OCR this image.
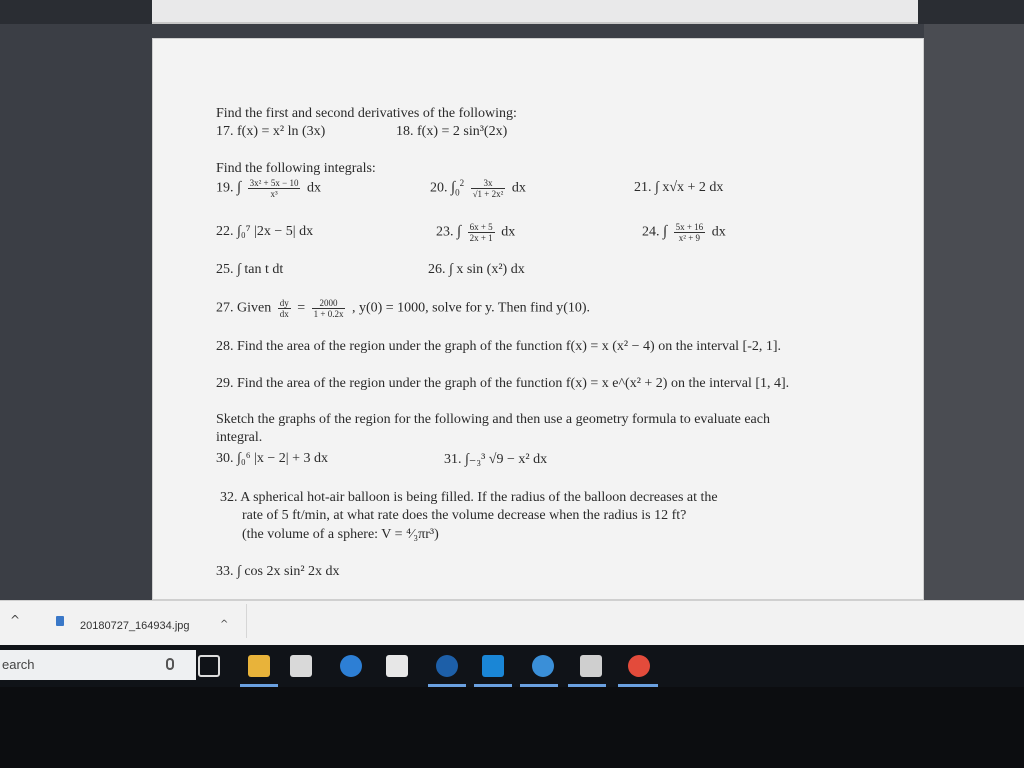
Find the first and second derivatives of the following:
17. f(x) = x² ln (3x)	18. f(x) = 2 sin³(2x)
Find the following integrals:
19. ∫ $\frac{\text{3x² + 5x − 10}}{\text{x³}}$ dx	20. $\int_0^2 \frac{3x}{\text{√1 + 2x²}}$ dx	21. ∫ x√x + 2 dx
22. ∫₀⁷ |2x − 5| dx	23. ∫ $\frac{6x + 5}{2x + 1}$ dx	24. ∫ $\frac{5x + 16}{\text{x² + 9}}$ dx
25. ∫ tan t dt	26. ∫ x sin (x²) dx
27. Given $\frac{dy}{dx} = \frac{2000}{1 + 0.2x}$ , y(0) = 1000, solve for y. Then find y(10).
28. Find the area of the region under the graph of the function f(x) = x (x² − 4) on the interval [-2, 1].
29. Find the area of the region under the graph of the function f(x) = x e^(x² + 2) on the interval [1, 4].
Sketch the graphs of the region for the following and then use a geometry formula to evaluate each
integral.
30. ∫₀⁶ |x − 2| + 3 dx	31. ∫₋₃³ √9 − x² dx
32. A spherical hot-air balloon is being filled. If the radius of the balloon decreases at the
rate of 5 ft/min, at what rate does the volume decrease when the radius is 12 ft?
(the volume of a sphere: V = ⁴⁄₃πr³)
33. ∫ cos 2x sin² 2x dx
^	20180727_164934.jpg	^
earch
